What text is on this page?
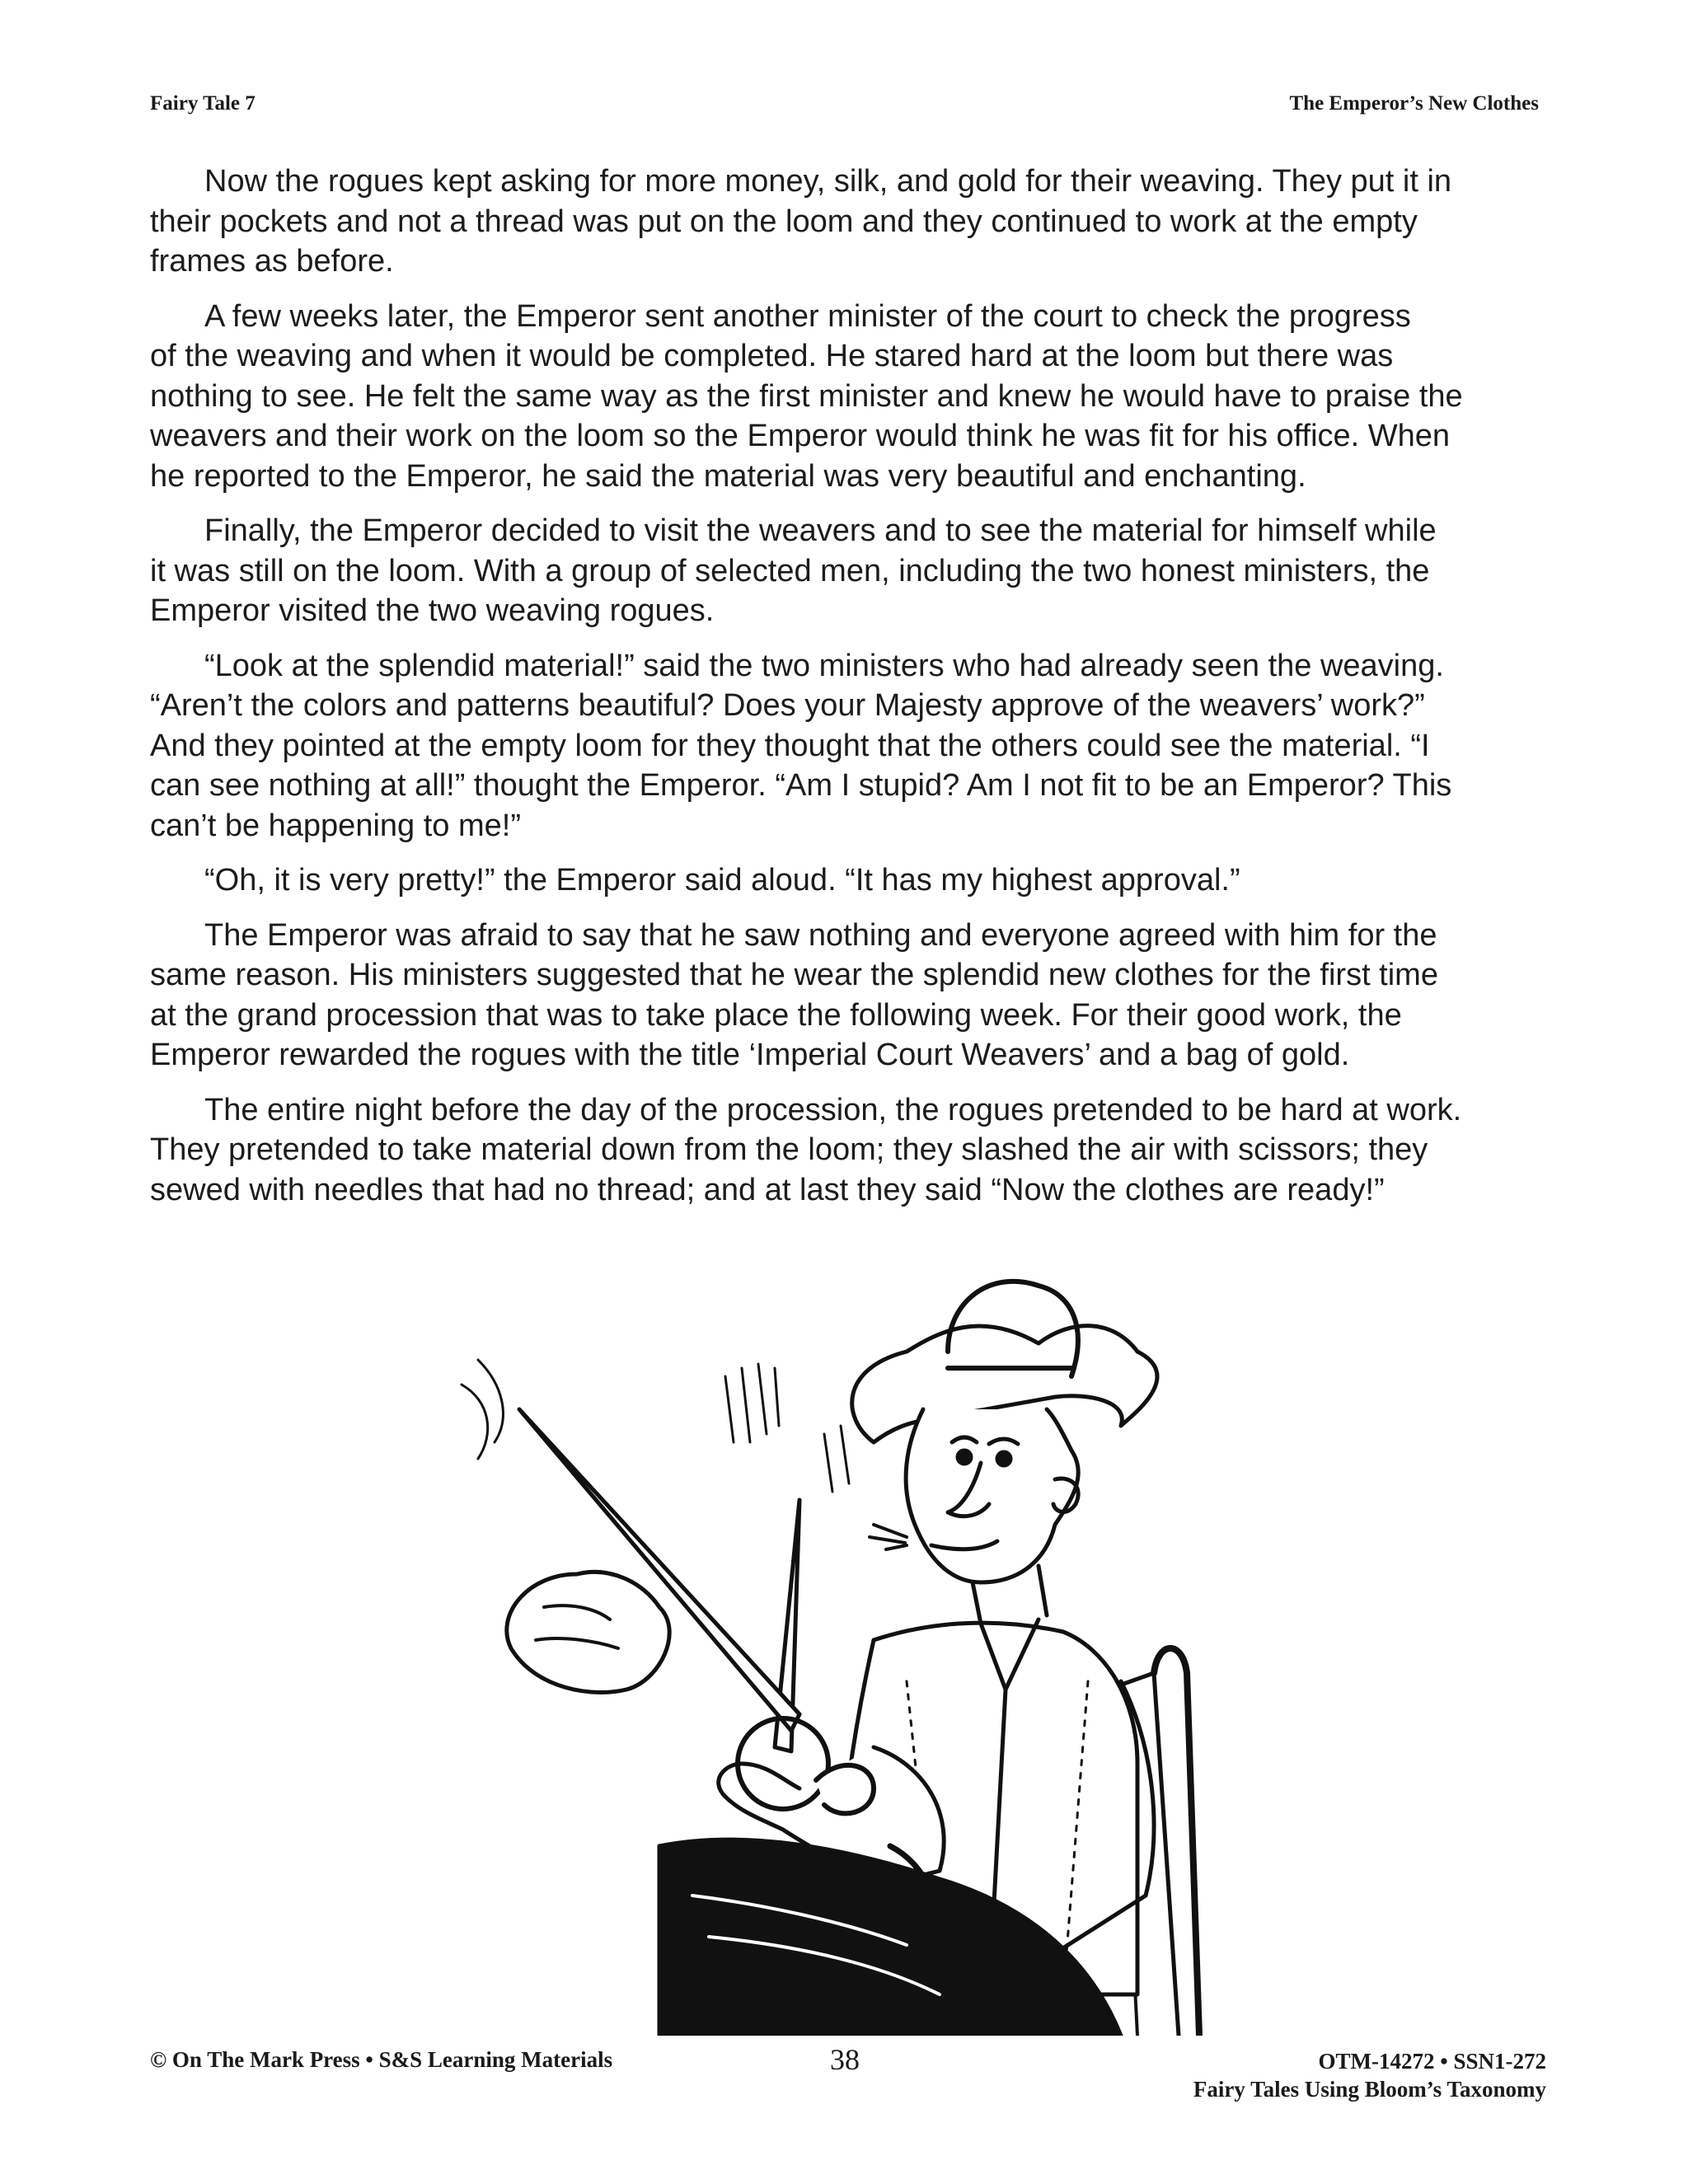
Fairy Tale 7	The Emperor’s New Clothes

Now the rogues kept asking for more money, silk, and gold for their weaving. They put it in
their pockets and not a thread was put on the loom and they continued to work at the empty
frames as before.

A few weeks later, the Emperor sent another minister of the court to check the progress
of the weaving and when it would be completed. He stared hard at the loom but there was
nothing to see. He felt the same way as the first minister and knew he would have to praise the
weavers and their work on the loom so the Emperor would think he was fit for his office. When
he reported to the Emperor, he said the material was very beautiful and enchanting.

Finally, the Emperor decided to visit the weavers and to see the material for himself while
it was still on the loom. With a group of selected men, including the two honest ministers, the
Emperor visited the two weaving rogues.

“Look at the splendid material!” said the two ministers who had already seen the weaving.
“Aren’t the colors and patterns beautiful? Does your Majesty approve of the weavers’ work?”
And they pointed at the empty loom for they thought that the others could see the material. “I
can see nothing at all!” thought the Emperor. “Am I stupid? Am I not fit to be an Emperor? This
can’t be happening to me!”

“Oh, it is very pretty!” the Emperor said aloud. “It has my highest approval.”

The Emperor was afraid to say that he saw nothing and everyone agreed with him for the
same reason. His ministers suggested that he wear the splendid new clothes for the first time
at the grand procession that was to take place the following week. For their good work, the
Emperor rewarded the rogues with the title ‘Imperial Court Weavers’ and a bag of gold.

The entire night before the day of the procession, the rogues pretended to be hard at work.
They pretended to take material down from the loom; they slashed the air with scissors; they
sewed with needles that had no thread; and at last they said “Now the clothes are ready!”

© On The Mark Press • S&S Learning Materials	38	OTM-14272 • SSN1-272
Fairy Tales Using Bloom’s Taxonomy
